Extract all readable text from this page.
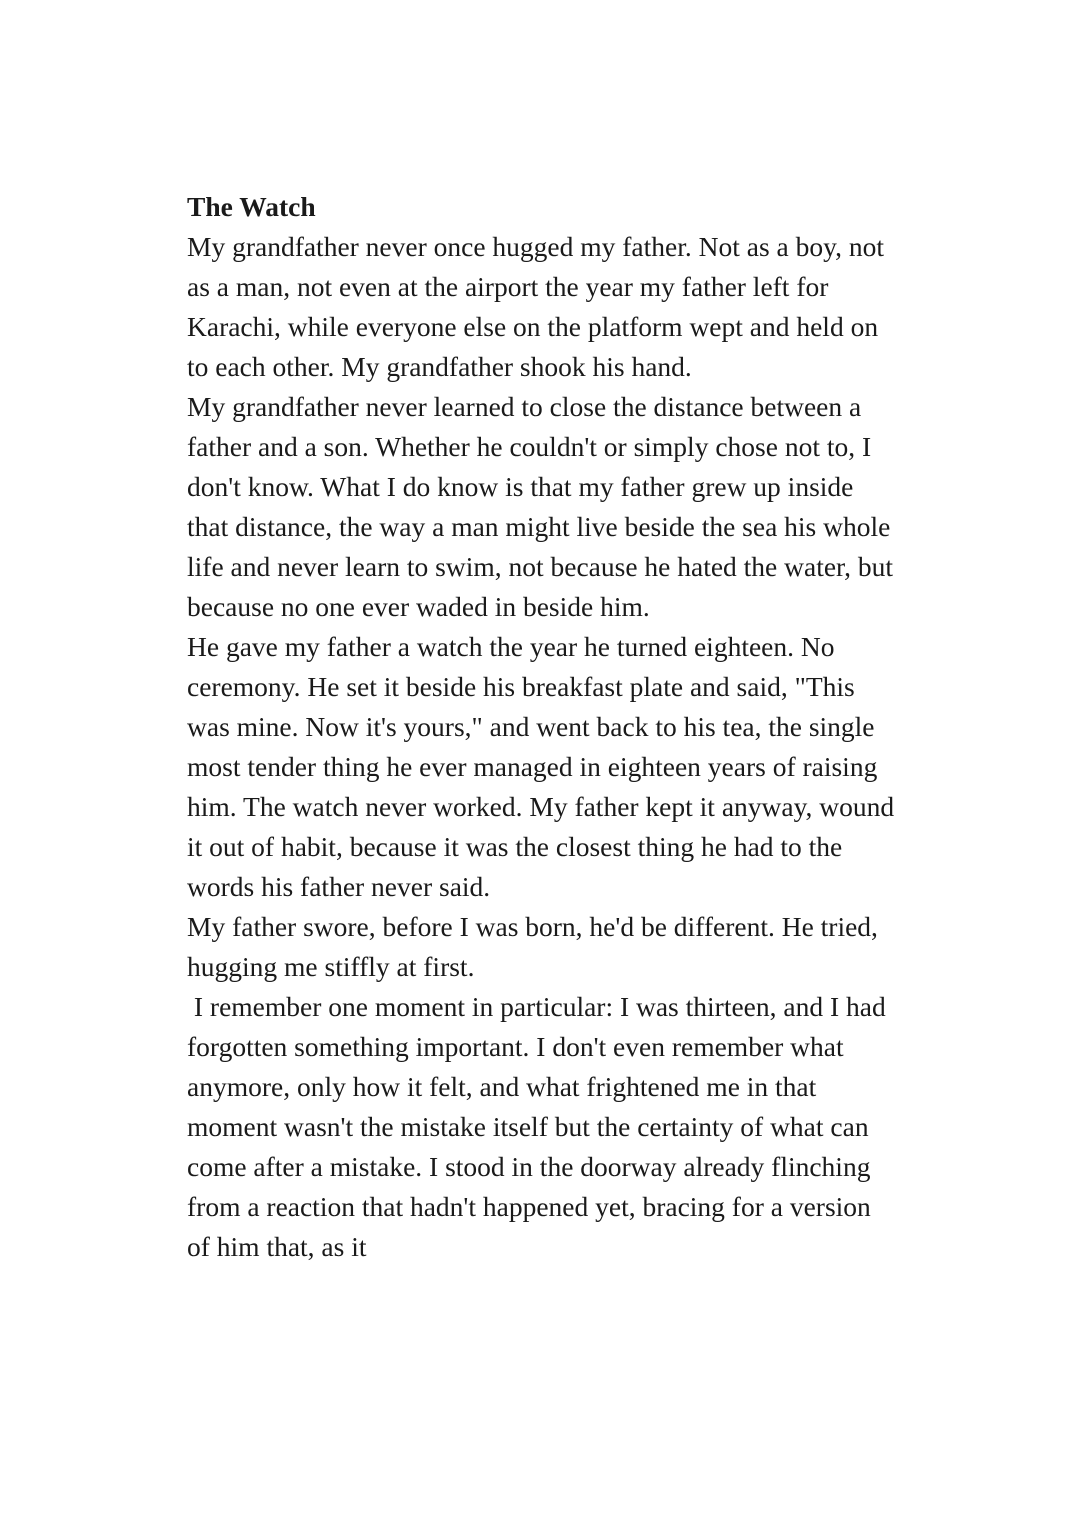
The Watch

My grandfather never once hugged my father. Not as a boy, not as a man, not even at the airport the year my father left for Karachi, while everyone else on the platform wept and held on to each other. My grandfather shook his hand.

My grandfather never learned to close the distance between a father and a son. Whether he couldn't or simply chose not to, I don't know. What I do know is that my father grew up inside that distance, the way a man might live beside the sea his whole life and never learn to swim, not because he hated the water, but because no one ever waded in beside him.

He gave my father a watch the year he turned eighteen. No ceremony. He set it beside his breakfast plate and said, "This was mine. Now it's yours," and went back to his tea, the single most tender thing he ever managed in eighteen years of raising him. The watch never worked. My father kept it anyway, wound it out of habit, because it was the closest thing he had to the words his father never said.

My father swore, before I was born, he'd be different. He tried, hugging me stiffly at first.

I remember one moment in particular: I was thirteen, and I had forgotten something important. I don't even remember what anymore, only how it felt, and what frightened me in that moment wasn't the mistake itself but the certainty of what can come after a mistake. I stood in the doorway already flinching from a reaction that hadn't happened yet, bracing for a version of him that, as it
